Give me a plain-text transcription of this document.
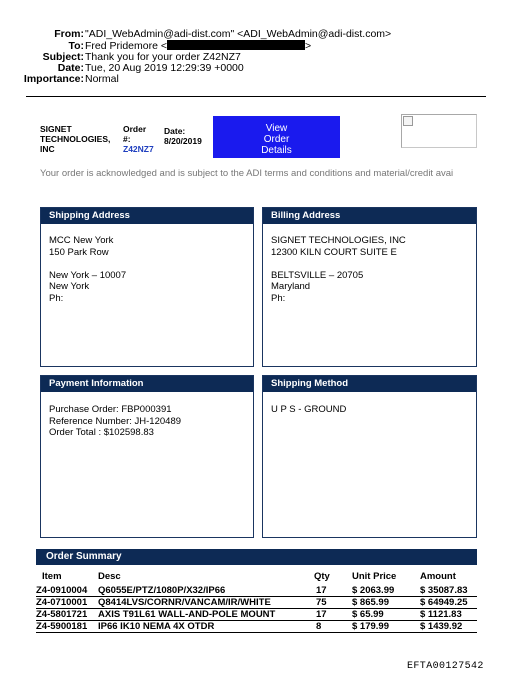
From: "ADI_WebAdmin@adi-dist.com" <ADI_WebAdmin@adi-dist.com>
To: Fred Pridemore <	>
Subject: Thank you for your order Z42NZ7
Date: Tue, 20 Aug 2019 12:29:39 +0000
Importance: Normal
SIGNET
TECHNOLOGIES,
INC
Order
#:
Z42NZ7
Date:
8/20/2019
View
Order
Details
Your order is acknowledged and is subject to the ADI terms and conditions and material/credit avai
Shipping Address
MCC New York
150 Park Row
New York – 10007
New York
Ph:
Billing Address
SIGNET TECHNOLOGIES, INC
12300 KILN COURT SUITE E
BELTSVILLE – 20705
Maryland
Ph:
Payment Information
Purchase Order: FBP000391
Reference Number: JH-120489
Order Total : $102598.83
Shipping Method
U P S - GROUND
Order Summary
Item	Desc	Qty	Unit Price	Amount
Z4-0910004	Q6055E/PTZ/1080P/X32/IP66	17	$ 2063.99	$ 35087.83
Z4-0710001	Q8414LVS/CORNR/VANCAM/IR/WHITE	75	$ 865.99	$ 64949.25
Z4-5801721	AXIS T91L61 WALL-AND-POLE MOUNT	17	$ 65.99	$ 1121.83
Z4-5900181	IP66 IK10 NEMA 4X OTDR	8	$ 179.99	$ 1439.92
EFTA00127542
